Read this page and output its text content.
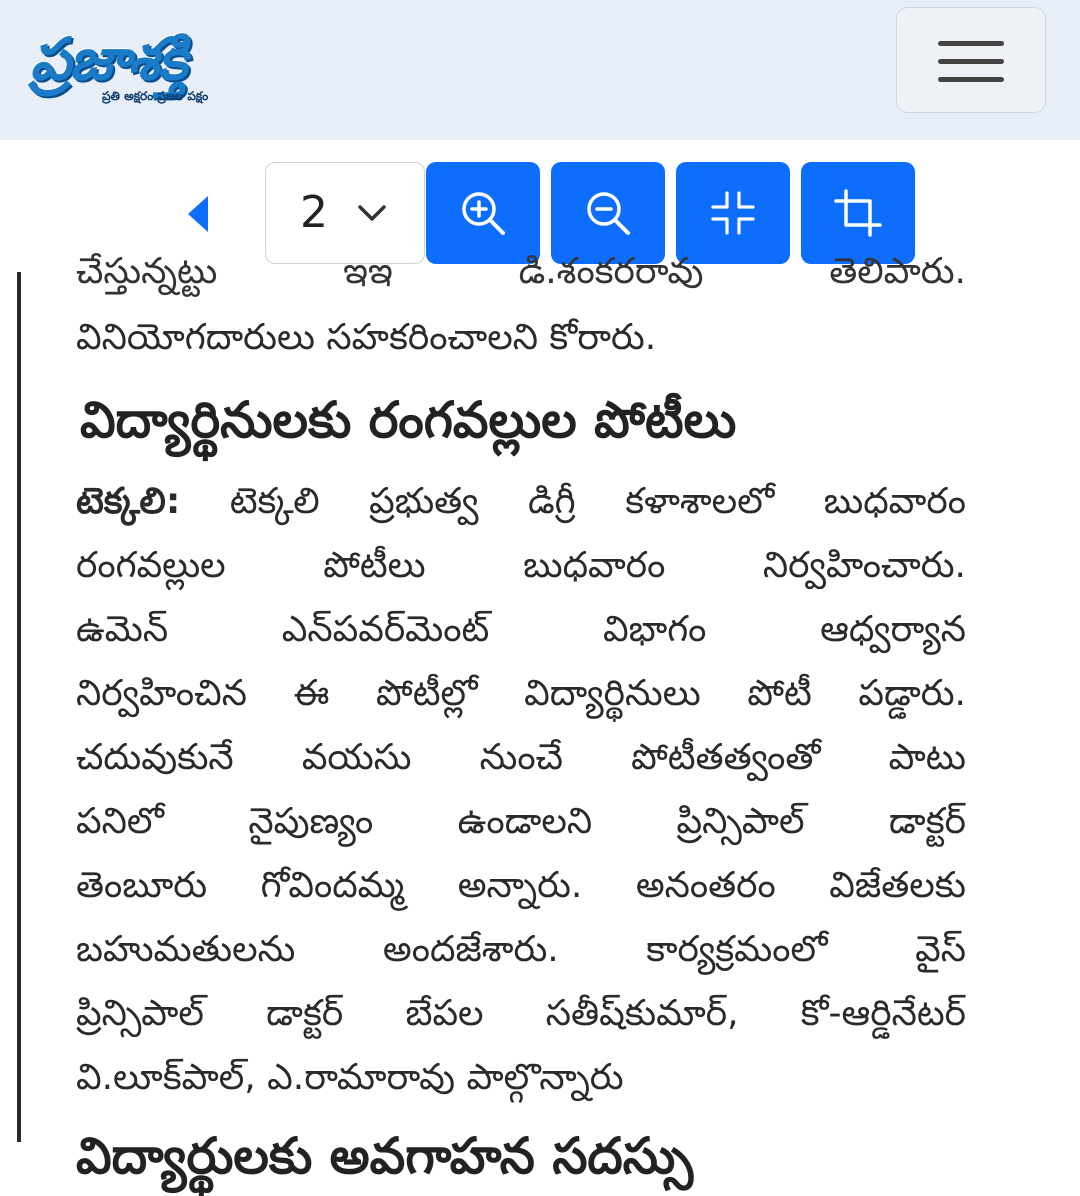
ప్రజాశక్తి
ప్రతి అక్షరం ప్రజల పక్షం
2
చేస్తున్నట్టు ఇఇ డి.శంకరరావు తెలిపారు.
వినియోగదారులు సహకరించాలని కోరారు.
విద్యార్థినులకు రంగవల్లుల పోటీలు
టెక్కలి: టెక్కలి ప్రభుత్వ డిగ్రీ కళాశాలలో బుధవారం
రంగవల్లుల పోటీలు బుధవారం నిర్వహించారు.
ఉమెన్ ఎన్‌పవర్‌మెంట్ విభాగం ఆధ్వర్యాన
నిర్వహించిన ఈ పోటీల్లో విద్యార్థినులు పోటీ పడ్డారు.
చదువుకునే వయసు నుంచే పోటీతత్వంతో పాటు
పనిలో నైపుణ్యం ఉండాలని ప్రిన్సిపాల్ డాక్టర్
తెంబూరు గోవిందమ్మ అన్నారు. అనంతరం విజేతలకు
బహుమతులను అందజేశారు. కార్యక్రమంలో వైస్
ప్రిన్సిపాల్ డాక్టర్ బేపల సతీష్‌కుమార్, కో-ఆర్డినేటర్
వి.లూక్‌పాల్, ఎ.రామారావు పాల్గొన్నారు
విద్యార్థులకు అవగాహన సదస్సు
